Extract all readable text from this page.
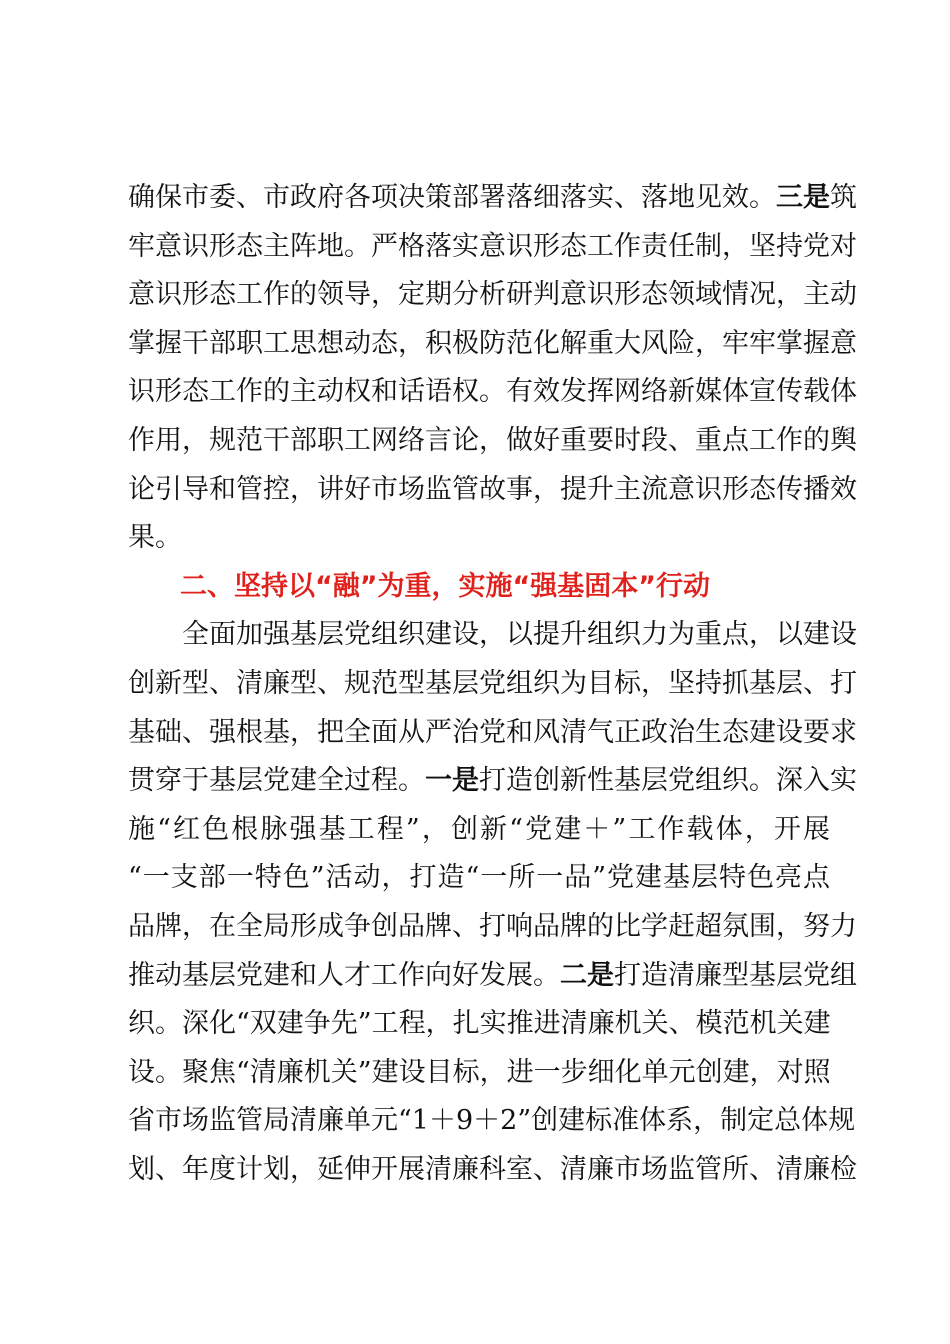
确保市委、市政府各项决策部署落细落实、落地见效。三是筑
牢意识形态主阵地。严格落实意识形态工作责任制，坚持党对
意识形态工作的领导，定期分析研判意识形态领域情况，主动
掌握干部职工思想动态，积极防范化解重大风险，牢牢掌握意
识形态工作的主动权和话语权。有效发挥网络新媒体宣传载体
作用，规范干部职工网络言论，做好重要时段、重点工作的舆
论引导和管控，讲好市场监管故事，提升主流意识形态传播效
果。
二、坚持以“融”为重，实施“强基固本”行动
全面加强基层党组织建设，以提升组织力为重点，以建设
创新型、清廉型、规范型基层党组织为目标，坚持抓基层、打
基础、强根基，把全面从严治党和风清气正政治生态建设要求
贯穿于基层党建全过程。一是打造创新性基层党组织。深入实
施“红色根脉强基工程”，创新“党建＋”工作载体，开展
“一支部一特色”活动，打造“一所一品”党建基层特色亮点
品牌，在全局形成争创品牌、打响品牌的比学赶超氛围，努力
推动基层党建和人才工作向好发展。二是打造清廉型基层党组
织。深化“双建争先”工程，扎实推进清廉机关、模范机关建
设。聚焦“清廉机关”建设目标，进一步细化单元创建，对照
省市场监管局清廉单元“1＋9＋2”创建标准体系，制定总体规
划、年度计划，延伸开展清廉科室、清廉市场监管所、清廉检
